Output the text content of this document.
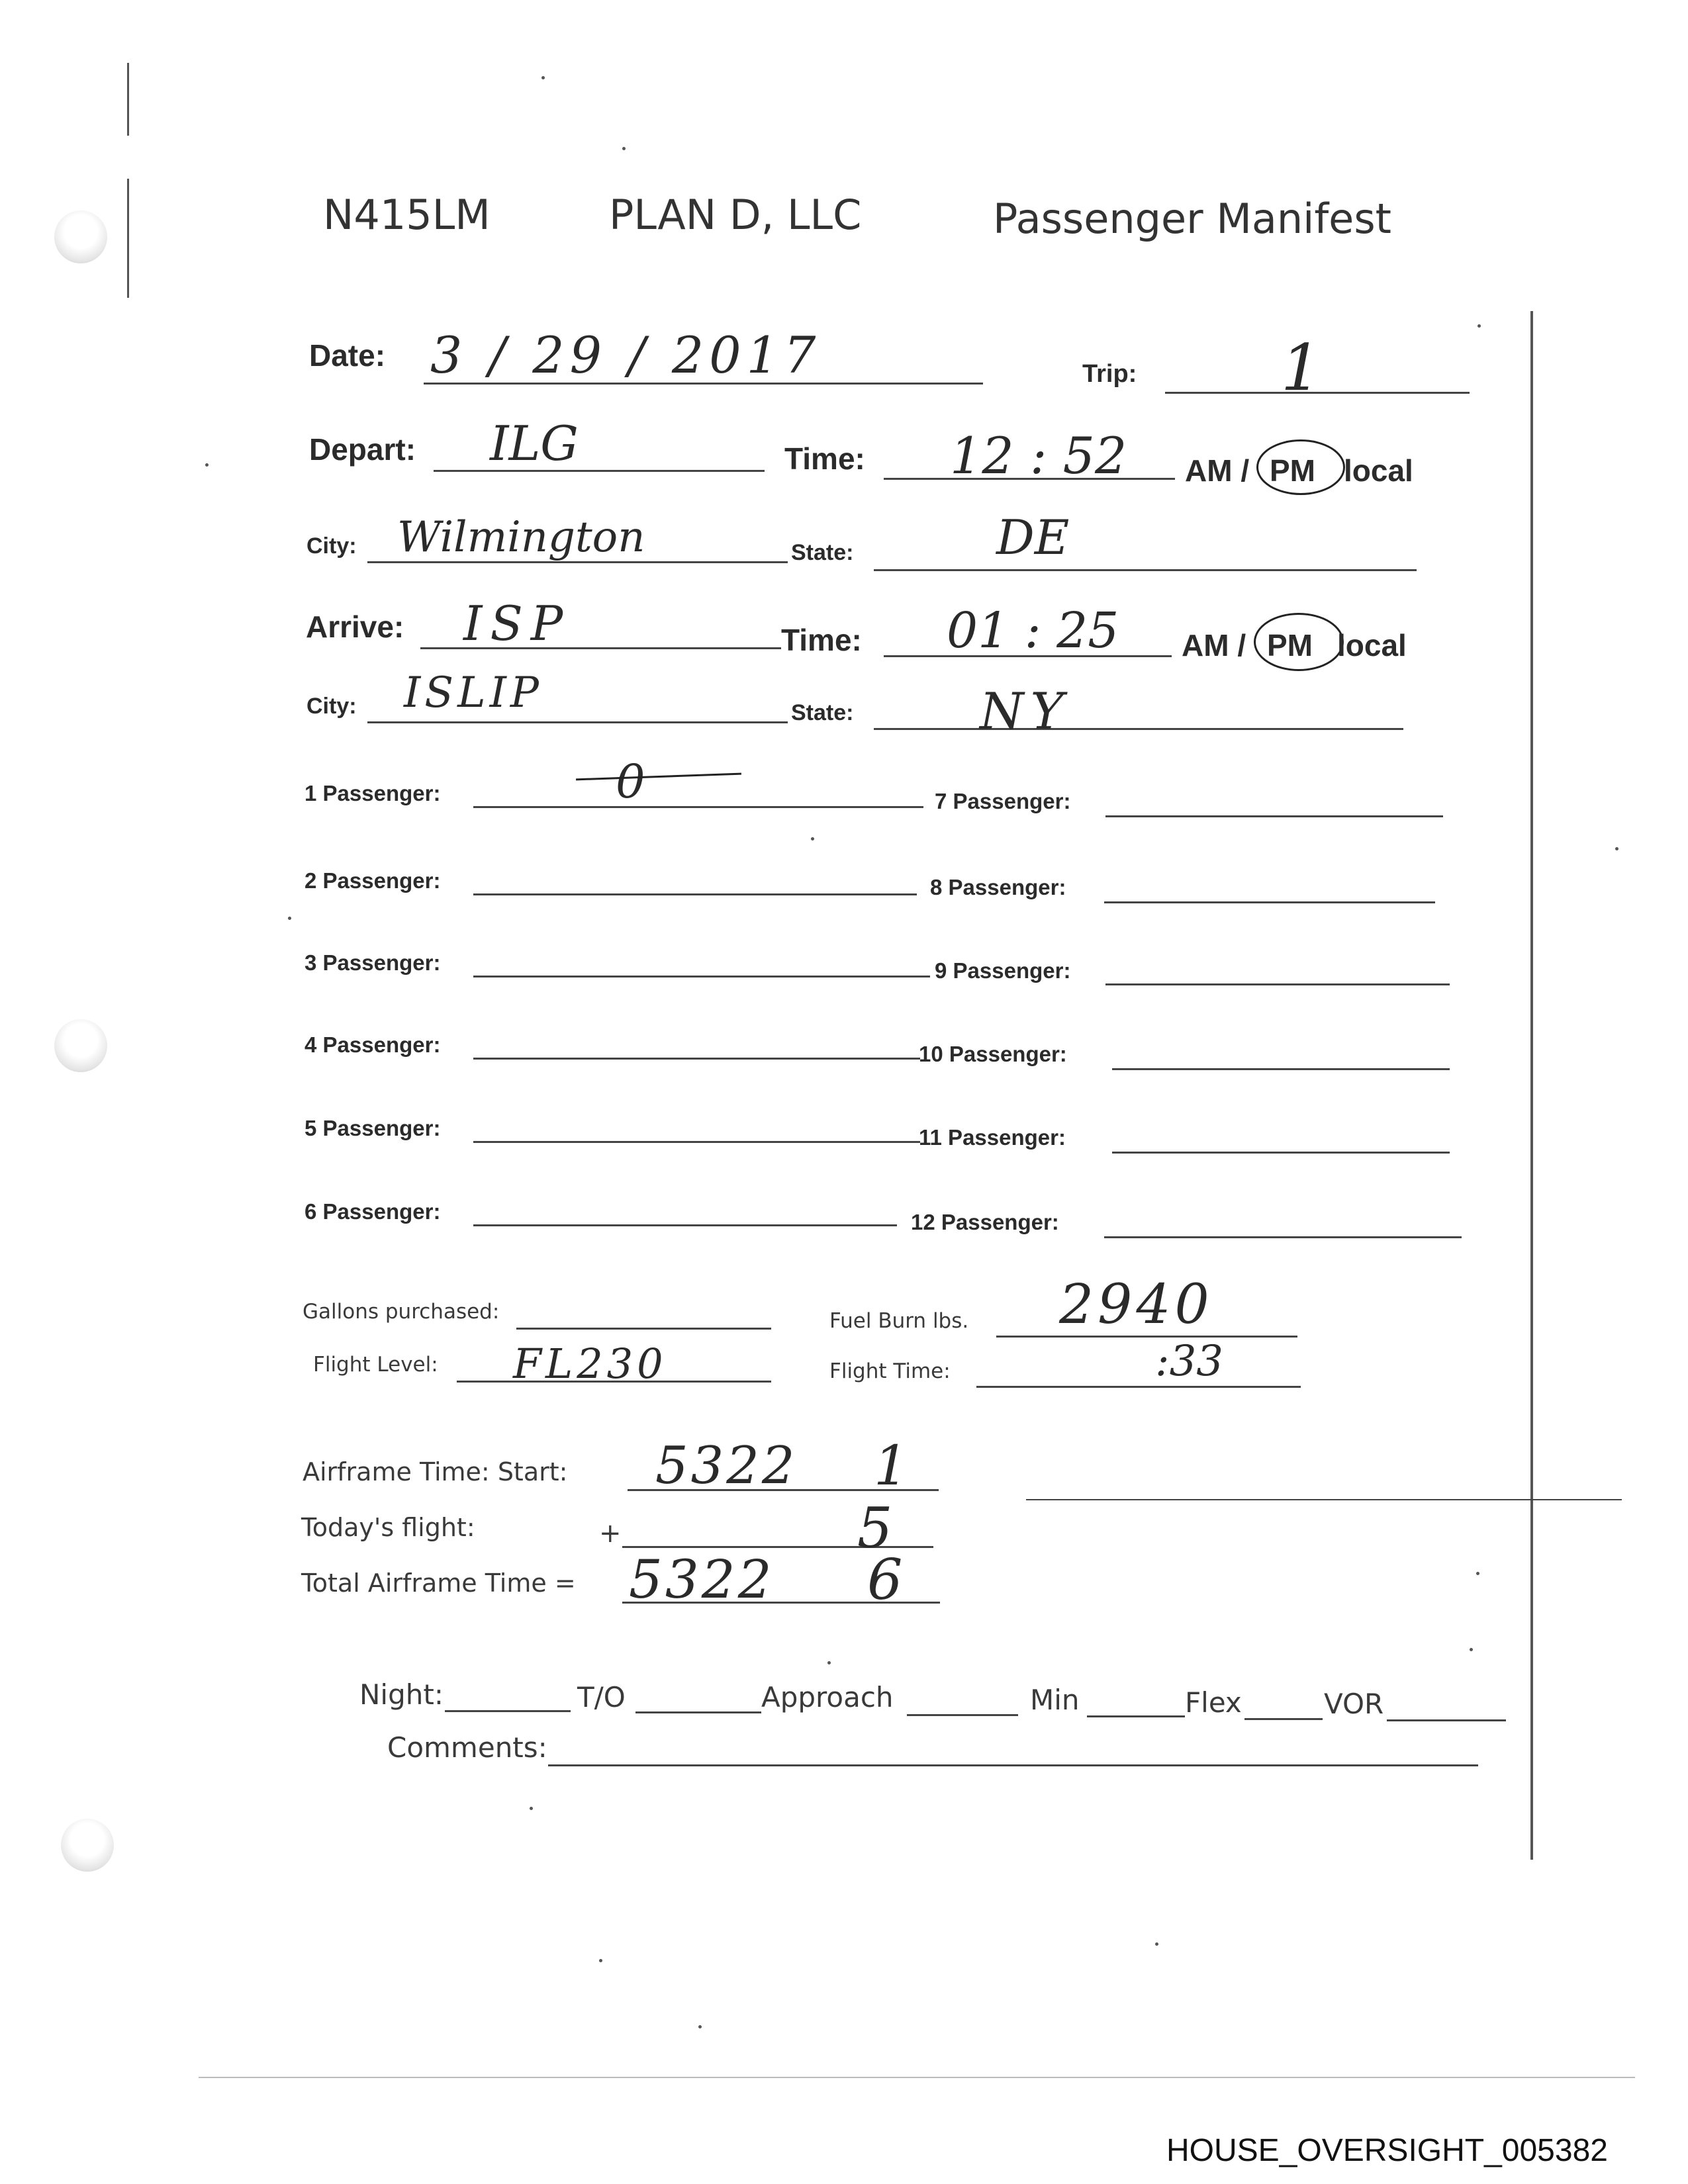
N415LM	PLAN D, LLC	Passenger Manifest
Date: 3 / 29 / 2017	Trip: 1
Depart: ILG	Time: 12 : 52 AM / PM local
City: Wilmington	State:	DE
Arrive: ISP	Time: 01 : 25 AM / PM local
City: ISLIP	State:	NY
1 Passenger:	0
2 Passenger:
3 Passenger:
4 Passenger:
5 Passenger:
6 Passenger:
7 Passenger:
8 Passenger:
9 Passenger:
10 Passenger:
11 Passenger:
12 Passenger:
Gallons purchased:	Fuel Burn lbs. 2940
Flight Level: FL230	Flight Time:	:33
Airframe Time: Start: 5322 1
Today's flight:	+	5
Total Airframe Time = 5322 6
Night:	T/O	Approach	Min	Flex	VOR
Comments:
HOUSE_OVERSIGHT_005382
